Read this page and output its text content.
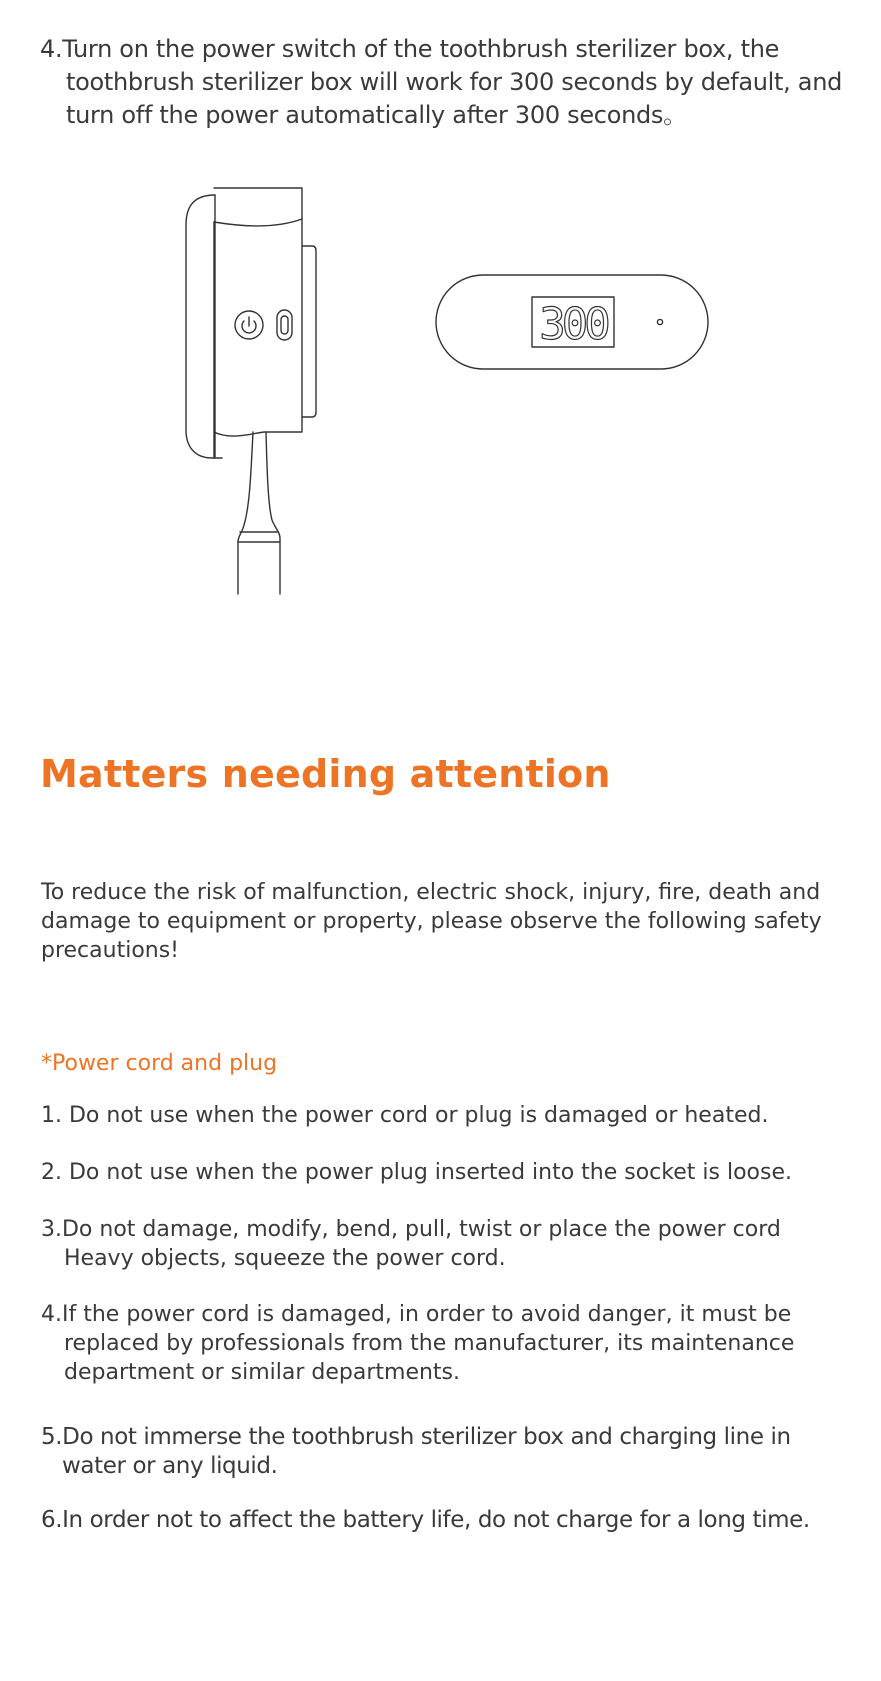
4.Turn on the power switch of the toothbrush sterilizer box, the
toothbrush sterilizer box will work for 300 seconds by default, and
turn off the power automatically after 300 seconds。
300
Matters needing attention
To reduce the risk of malfunction, electric shock, injury, fire, death and
damage to equipment or property, please observe the following safety
precautions!
*Power cord and plug
1. Do not use when the power cord or plug is damaged or heated.
2. Do not use when the power plug inserted into the socket is loose.
3.Do not damage, modify, bend, pull, twist or place the power cord
Heavy objects, squeeze the power cord.
4.If the power cord is damaged, in order to avoid danger, it must be
replaced by professionals from the manufacturer, its maintenance
department or similar departments.
5.Do not immerse the toothbrush sterilizer box and charging line in
water or any liquid.
6.In order not to affect the battery life, do not charge for a long time.
